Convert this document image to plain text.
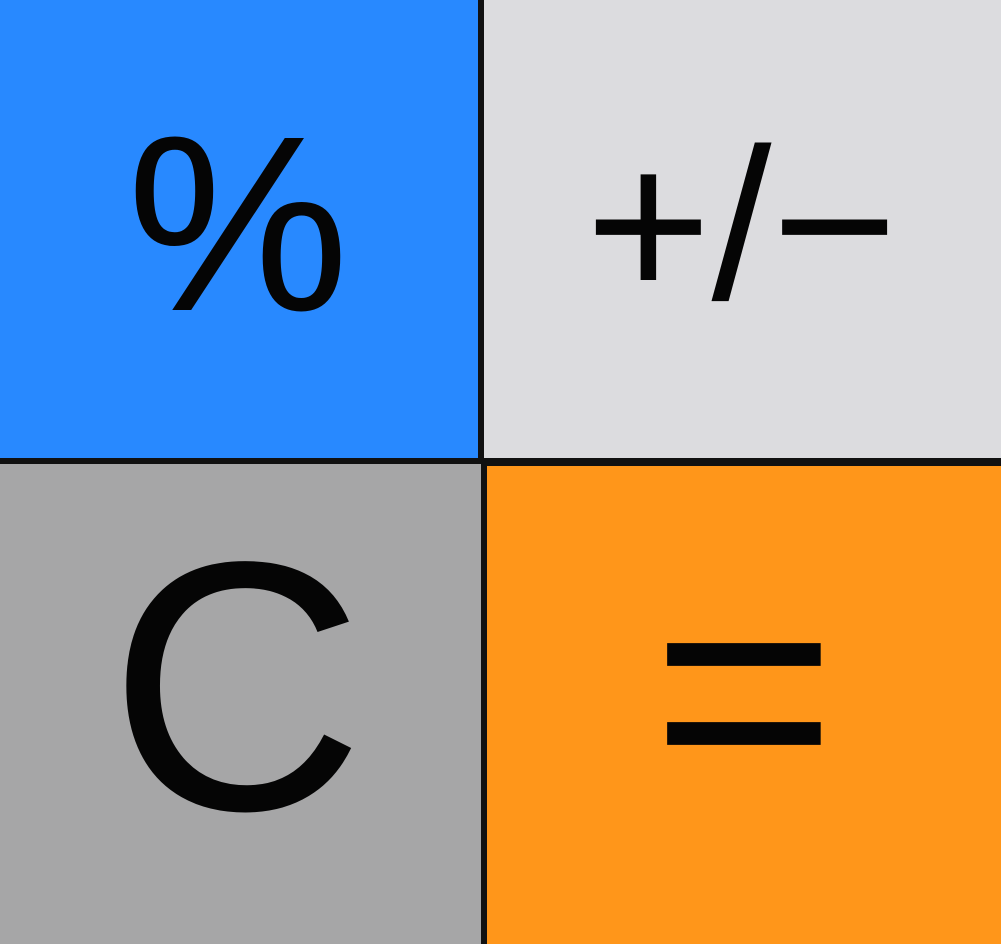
% +/−
C =
